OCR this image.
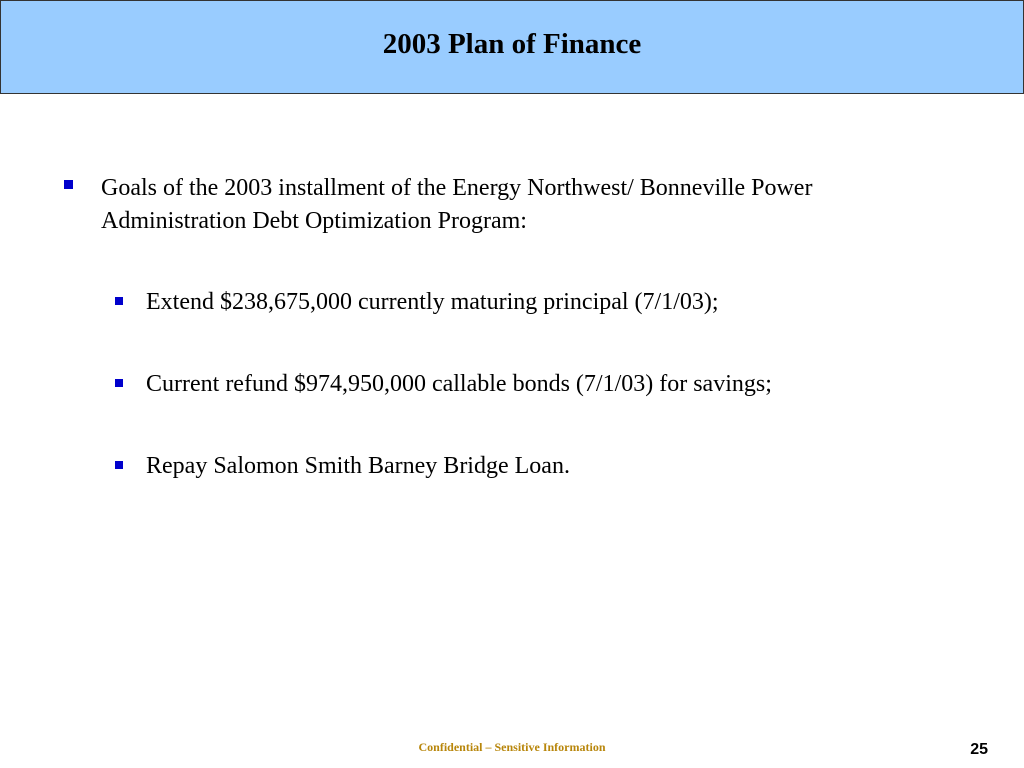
2003 Plan of Finance
Goals of the 2003 installment of the Energy Northwest/ Bonneville Power Administration Debt Optimization Program:
Extend $238,675,000 currently maturing principal (7/1/03);
Current refund $974,950,000 callable bonds (7/1/03) for savings;
Repay Salomon Smith Barney Bridge Loan.
Confidential – Sensitive Information	25
